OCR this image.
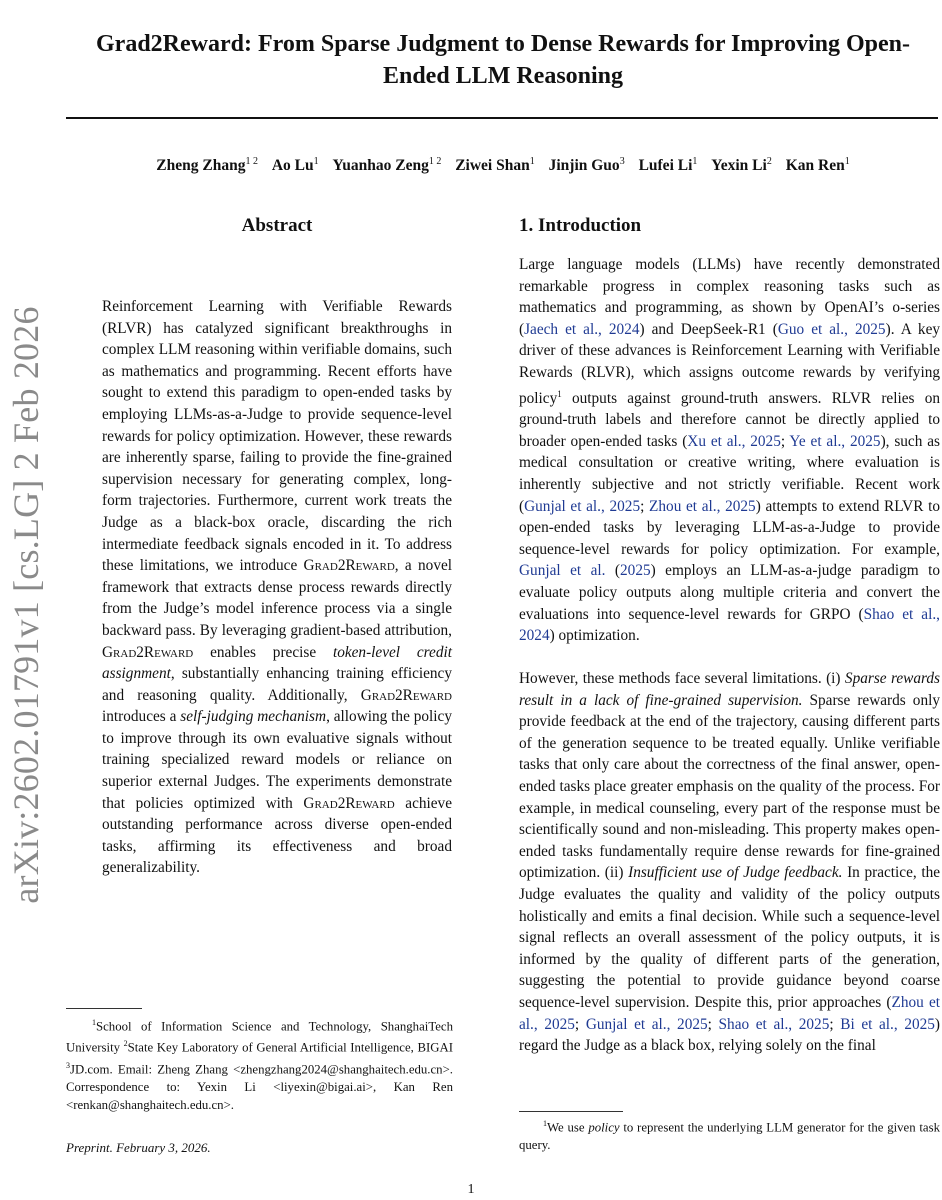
arXiv:2602.01791v1 [cs.LG] 2 Feb 2026
Grad2Reward: From Sparse Judgment to Dense Rewards for Improving Open-Ended LLM Reasoning
Zheng Zhang$^{1 2}$ Ao Lu$^1$ Yuanhao Zeng$^{1 2}$ Ziwei Shan$^1$ Jinjin Guo$^3$ Lufei Li$^1$ Yexin Li$^2$ Kan Ren$^1$
Abstract

Reinforcement Learning with Verifiable Rewards (RLVR) has catalyzed significant breakthroughs in complex LLM reasoning within verifiable domains, such as mathematics and programming. Recent efforts have sought to extend this paradigm to open-ended tasks by employing LLMs-as-a-Judge to provide sequence-level rewards for policy optimization. However, these rewards are inherently sparse, failing to provide the fine-grained supervision necessary for generating complex, long-form trajectories. Furthermore, current work treats the Judge as a black-box oracle, discarding the rich intermediate feedback signals encoded in it. To address these limitations, we introduce Grad2Reward, a novel framework that extracts dense process rewards directly from the Judge’s model inference process via a single backward pass. By leveraging gradient-based attribution, Grad2Reward enables precise token-level credit assignment, substantially enhancing training efficiency and reasoning quality. Additionally, Grad2Reward introduces a self-judging mechanism, allowing the policy to improve through its own evaluative signals without training specialized reward models or reliance on superior external Judges. The experiments demonstrate that policies optimized with Grad2Reward achieve outstanding performance across diverse open-ended tasks, affirming its effectiveness and broad generalizability.

$^1$School of Information Science and Technology, ShanghaiTech University $^2$State Key Laboratory of General Artificial Intelligence, BIGAI $^3$JD.com. Email: Zheng Zhang <zhengzhang2024@shanghaitech.edu.cn>. Correspondence to: Yexin Li <liyexin@bigai.ai>, Kan Ren <renkan@shanghaitech.edu.cn>.
Preprint. February 3, 2026.
1. Introduction

Large language models (LLMs) have recently demonstrated remarkable progress in complex reasoning tasks such as mathematics and programming, as shown by OpenAI’s o-series (Jaech et al., 2024) and DeepSeek-R1 (Guo et al., 2025). A key driver of these advances is Reinforcement Learning with Verifiable Rewards (RLVR), which assigns outcome rewards by verifying policy$^1$ outputs against ground-truth answers. RLVR relies on ground-truth labels and therefore cannot be directly applied to broader open-ended tasks (Xu et al., 2025; Ye et al., 2025), such as medical consultation or creative writing, where evaluation is inherently subjective and not strictly verifiable. Recent work (Gunjal et al., 2025; Zhou et al., 2025) attempts to extend RLVR to open-ended tasks by leveraging LLM-as-a-Judge to provide sequence-level rewards for policy optimization. For example, Gunjal et al. (2025) employs an LLM-as-a-judge paradigm to evaluate policy outputs along multiple criteria and convert the evaluations into sequence-level rewards for GRPO (Shao et al., 2024) optimization.

However, these methods face several limitations. (i) Sparse rewards result in a lack of fine-grained supervision. Sparse rewards only provide feedback at the end of the trajectory, causing different parts of the generation sequence to be treated equally. Unlike verifiable tasks that only care about the correctness of the final answer, open-ended tasks place greater emphasis on the quality of the process. For example, in medical counseling, every part of the response must be scientifically sound and non-misleading. This property makes open-ended tasks fundamentally require dense rewards for fine-grained optimization. (ii) Insufficient use of Judge feedback. In practice, the Judge evaluates the quality and validity of the policy outputs holistically and emits a final decision. While such a sequence-level signal reflects an overall assessment of the policy outputs, it is informed by the quality of different parts of the generation, suggesting the potential to provide guidance beyond coarse sequence-level supervision. Despite this, prior approaches (Zhou et al., 2025; Gunjal et al., 2025; Shao et al., 2025; Bi et al., 2025) regard the Judge as a black box, relying solely on the final

$^1$We use policy to represent the underlying LLM generator for the given task query.
1
